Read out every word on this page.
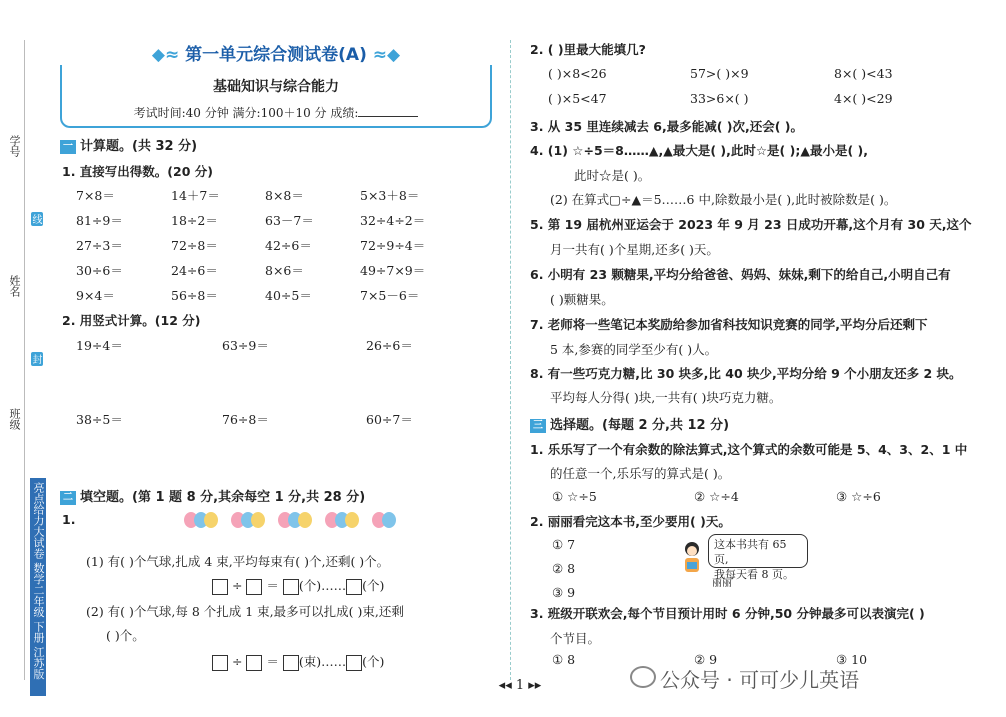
学号
姓名
班级
线
封
亮点给力大试卷 数学二年级 下册 江苏版
◆≈ 第一单元综合测试卷(A) ≈◆
基础知识与综合能力
考试时间:40 分钟 满分:100＋10 分 成绩:
一 计算题。(共 32 分)
1. 直接写出得数。(20 分)
7×8＝	14＋7＝	8×8＝	5×3＋8＝
81÷9＝	18÷2＝	63－7＝	32÷4÷2＝
27÷3＝	72÷8＝	42÷6＝	72÷9÷4＝
30÷6＝	24÷6＝	8×6＝	49÷7×9＝
9×4＝	56÷8＝	40÷5＝	7×5－6＝
2. 用竖式计算。(12 分)
19÷4＝	63÷9＝	26÷6＝
38÷5＝	76÷8＝	60÷7＝
二 填空题。(第 1 题 8 分,其余每空 1 分,共 28 分)
1.

(1) 有( )个气球,扎成 4 束,平均每束有( )个,还剩( )个。
÷  ＝ (个)…… (个)
(2) 有( )个气球,每 8 个扎成 1 束,最多可以扎成( )束,还剩
( )个。
÷  ＝ (束)…… (个)
2. ( )里最大能填几?
( )×8<26	57>( )×9	8×( )<43
( )×5<47	33>6×( )	4×( )<29
3. 从 35 里连续减去 6,最多能减( )次,还会( )。
4. (1) ☆÷5＝8……▲,▲最大是( ),此时☆是( );▲最小是( ),
此时☆是( )。
(2) 在算式▢÷▲＝5……6 中,除数最小是( ),此时被除数是( )。
5. 第 19 届杭州亚运会于 2023 年 9 月 23 日成功开幕,这个月有 30 天,这个
月一共有( )个星期,还多( )天。
6. 小明有 23 颗糖果,平均分给爸爸、妈妈、妹妹,剩下的给自己,小明自己有
( )颗糖果。
7. 老师将一些笔记本奖励给参加省科技知识竞赛的同学,平均分后还剩下
5 本,参赛的同学至少有( )人。
8. 有一些巧克力糖,比 30 块多,比 40 块少,平均分给 9 个小朋友还多 2 块。
平均每人分得( )块,一共有( )块巧克力糖。
三 选择题。(每题 2 分,共 12 分)
1. 乐乐写了一个有余数的除法算式,这个算式的余数可能是 5、4、3、2、1 中
的任意一个,乐乐写的算式是( )。
① ☆÷5	② ☆÷4	③ ☆÷6
2. 丽丽看完这本书,至少要用( )天。
① 7
② 8
③ 9
这本书共有 65 页,
我每天看 8 页。
丽丽
3. 班级开联欢会,每个节目预计用时 6 分钟,50 分钟最多可以表演完( )
个节目。
① 8	② 9	③ 10
◂◂ 1 ▸▸	公众号 · 可可少儿英语
